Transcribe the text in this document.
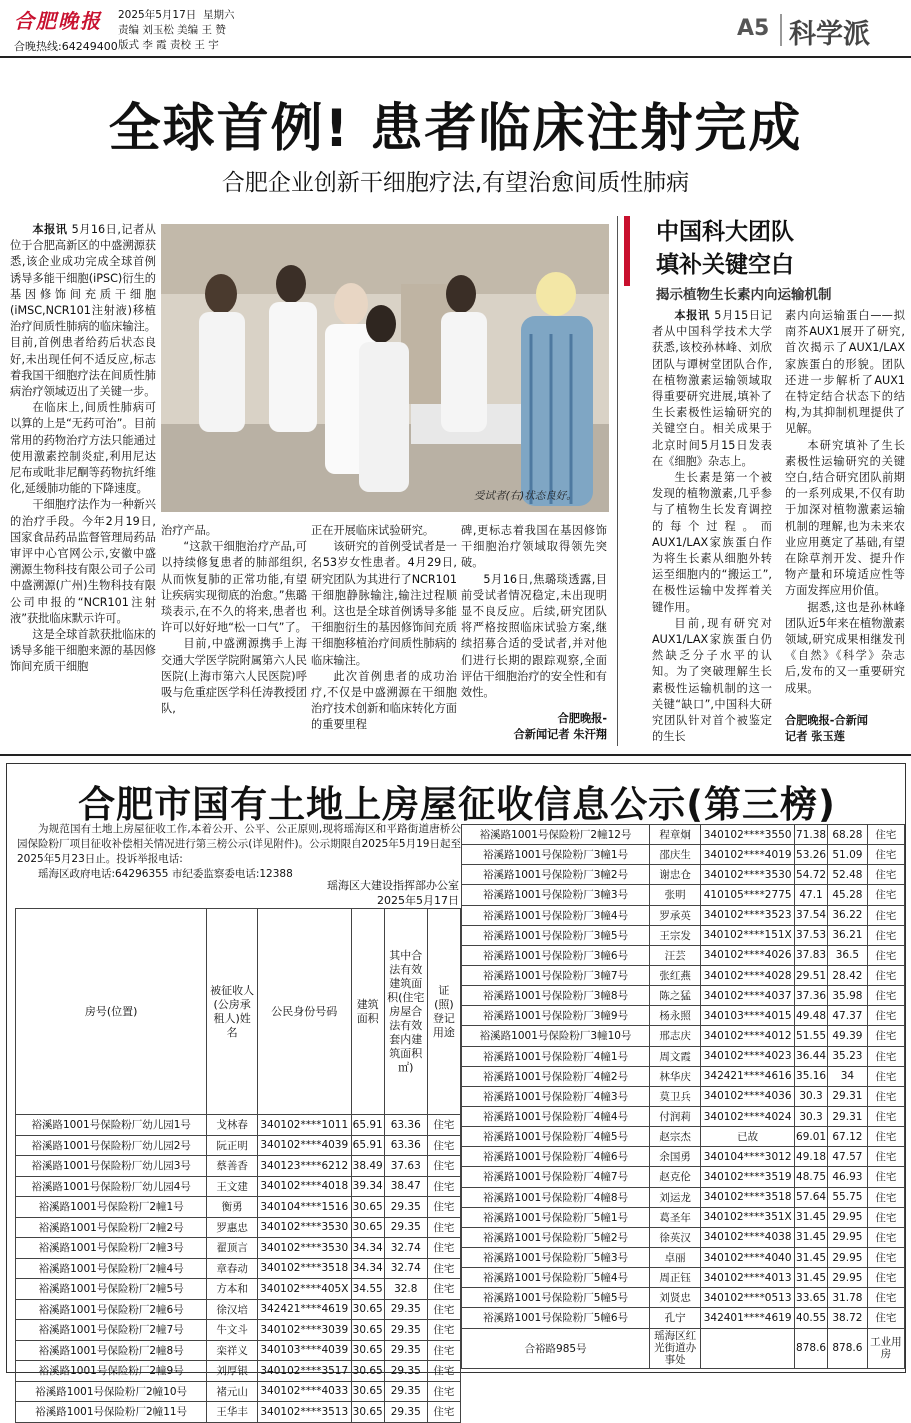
合肥晚报
合晚热线:64249400
2025年5月17日 星期六
责编 刘玉松 美编 王 赞
版式 李 霞 责校 王 宇
A5 科学派
全球首例! 患者临床注射完成
合肥企业创新干细胞疗法,有望治愈间质性肺病

本报讯 5月16日,记者从位于合肥高新区的中盛溯源获悉,该企业成功完成全球首例诱导多能干细胞(iPSC)衍生的基因修饰间充质干细胞(iMSC,NCR101注射液)移植治疗间质性肺病的临床输注。目前,首例患者给药后状态良好,未出现任何不适反应,标志着我国干细胞疗法在间质性肺病治疗领域迈出了关键一步。

在临床上,间质性肺病可以算的上是“无药可治”。目前常用的药物治疗方法只能通过使用激素控制炎症,利用尼达尼布或吡非尼酮等药物抗纤维化,延缓肺功能的下降速度。

干细胞疗法作为一种新兴的治疗手段。今年2月19日,国家食品药品监督管理局药品审评中心官网公示,安徽中盛溯源生物科技有限公司子公司中盛溯源(广州)生物科技有限公司申报的“NCR101注射液”获批临床默示许可。

这是全球首款获批临床的诱导多能干细胞来源的基因修饰间充质干细胞

受试者(右)状态良好。
治疗产品。

“这款干细胞治疗产品,可以持续修复患者的肺部组织,从而恢复肺的正常功能,有望让疾病实现彻底的治愈。”焦璐琰表示,在不久的将来,患者也许可以好好地“松一口气”了。

目前,中盛溯源携手上海交通大学医学院附属第六人民医院(上海市第六人民医院)呼吸与危重症医学科任涛教授团队,

正在开展临床试验研究。

该研究的首例受试者是一名53岁女性患者。4月29日,研究团队为其进行了NCR101干细胞静脉输注,输注过程顺利。这也是全球首例诱导多能干细胞衍生的基因修饰间充质干细胞移植治疗间质性肺病的临床输注。

此次首例患者的成功治疗,不仅是中盛溯源在干细胞治疗技术创新和临床转化方面的重要里程

碑,更标志着我国在基因修饰干细胞治疗领域取得领先突破。

5月16日,焦璐琰透露,目前受试者情况稳定,未出现明显不良反应。后续,研究团队将严格按照临床试验方案,继续招募合适的受试者,并对他们进行长期的跟踪观察,全面评估干细胞治疗的安全性和有效性。

合肥晚报-
合新闻记者 朱汗翔
中国科大团队
填补关键空白
揭示植物生长素内向运输机制

本报讯 5月15日记者从中国科学技术大学获悉,该校孙林峰、刘欣团队与谭树堂团队合作,在植物激素运输领域取得重要研究进展,填补了生长素极性运输研究的关键空白。相关成果于北京时间5月15日发表在《细胞》杂志上。

生长素是第一个被发现的植物激素,几乎参与了植物生长发育调控的每个过程。而AUX1/LAX家族蛋白作为将生长素从细胞外转运至细胞内的“搬运工”,在极性运输中发挥着关键作用。

目前,现有研究对AUX1/LAX家族蛋白仍然缺乏分子水平的认知。为了突破理解生长素极性运输机制的这一关键“缺口”,中国科大研究团队针对首个被鉴定的生长

素内向运输蛋白——拟南芥AUX1展开了研究,首次揭示了AUX1/LAX家族蛋白的形貌。团队还进一步解析了AUX1在特定结合状态下的结构,为其抑制机理提供了见解。

本研究填补了生长素极性运输研究的关键空白,结合研究团队前期的一系列成果,不仅有助于加深对植物激素运输机制的理解,也为未来农业应用奠定了基础,有望在除草剂开发、提升作物产量和环境适应性等方面发挥应用价值。

据悉,这也是孙林峰团队近5年来在植物激素领域,研究成果相继发刊《自然》《科学》杂志后,发布的又一重要研究成果。

合肥晚报-合新闻
记者 张玉莲
合肥市国有土地上房屋征收信息公示(第三榜)

为规范国有土地上房屋征收工作,本着公开、公平、公正原则,现将瑶海区和平路街道唐桥公园保险粉厂项目征收补偿相关情况进行第三榜公示(详见附件)。公示期限自2025年5月19日起至2025年5月23日止。投诉举报电话:

瑶海区政府电话:64296355 市纪委监察委电话:12388

瑶海区大建设指挥部办公室
2025年5月17日
房号(位置)	被征收人(公房承租人)姓名	公民身份号码	建筑面积	其中合法有效建筑面积(住宅房屋合法有效套内建筑面积㎡)	证(照)登记用途
裕溪路1001号保险粉厂幼儿园1号	戈林春	340102****1011	65.91	63.36	住宅
裕溪路1001号保险粉厂幼儿园2号	阮正明	340102****4039	65.91	63.36	住宅
裕溪路1001号保险粉厂幼儿园3号	蔡善香	340123****6212	38.49	37.63	住宅
裕溪路1001号保险粉厂幼儿园4号	王文建	340102****4018	39.34	38.47	住宅
裕溪路1001号保险粉厂2幢1号	衡勇	340104****1516	30.65	29.35	住宅
裕溪路1001号保险粉厂2幢2号	罗惠忠	340102****3530	30.65	29.35	住宅
裕溪路1001号保险粉厂2幢3号	翟顶言	340102****3530	34.34	32.74	住宅
裕溪路1001号保险粉厂2幢4号	章春动	340102****3518	34.34	32.74	住宅
裕溪路1001号保险粉厂2幢5号	方本和	340102****405X	34.55	32.8	住宅
裕溪路1001号保险粉厂2幢6号	徐汉培	342421****4619	30.65	29.35	住宅
裕溪路1001号保险粉厂2幢7号	牛文斗	340102****3039	30.65	29.35	住宅
裕溪路1001号保险粉厂2幢8号	栾祥义	340103****4039	30.65	29.35	住宅
裕溪路1001号保险粉厂2幢9号	刘厚银	340102****3517	30.65	29.35	住宅
裕溪路1001号保险粉厂2幢10号	褚元山	340102****4033	30.65	29.35	住宅
裕溪路1001号保险粉厂2幢11号	王华丰	340102****3513	30.65	29.35	住宅
裕溪路1001号保险粉厂2幢12号	程章炯	340102****3550	71.38	68.28	住宅
裕溪路1001号保险粉厂3幢1号	邵庆生	340102****4019	53.26	51.09	住宅
裕溪路1001号保险粉厂3幢2号	谢忠仓	340102****3530	54.72	52.48	住宅
裕溪路1001号保险粉厂3幢3号	张明	410105****2775	47.1	45.28	住宅
裕溪路1001号保险粉厂3幢4号	罗承英	340102****3523	37.54	36.22	住宅
裕溪路1001号保险粉厂3幢5号	王宗发	340102****151X	37.53	36.21	住宅
裕溪路1001号保险粉厂3幢6号	汪芸	340102****4026	37.83	36.5	住宅
裕溪路1001号保险粉厂3幢7号	张红燕	340102****4028	29.51	28.42	住宅
裕溪路1001号保险粉厂3幢8号	陈之猛	340102****4037	37.36	35.98	住宅
裕溪路1001号保险粉厂3幢9号	杨永照	340103****4015	49.48	47.37	住宅
裕溪路1001号保险粉厂3幢10号	邢志庆	340102****4012	51.55	49.39	住宅
裕溪路1001号保险粉厂4幢1号	周文霞	340102****4023	36.44	35.23	住宅
裕溪路1001号保险粉厂4幢2号	林华庆	342421****4616	35.16	34	住宅
裕溪路1001号保险粉厂4幢3号	莫卫兵	340102****4036	30.3	29.31	住宅
裕溪路1001号保险粉厂4幢4号	付润莉	340102****4024	30.3	29.31	住宅
裕溪路1001号保险粉厂4幢5号	赵宗杰	已故	69.01	67.12	住宅
裕溪路1001号保险粉厂4幢6号	余国勇	340104****3012	49.18	47.57	住宅
裕溪路1001号保险粉厂4幢7号	赵克伦	340102****3519	48.75	46.93	住宅
裕溪路1001号保险粉厂4幢8号	刘运龙	340102****3518	57.64	55.75	住宅
裕溪路1001号保险粉厂5幢1号	葛圣年	340102****351X	31.45	29.95	住宅
裕溪路1001号保险粉厂5幢2号	徐英汉	340102****4038	31.45	29.95	住宅
裕溪路1001号保险粉厂5幢3号	卓丽	340102****4040	31.45	29.95	住宅
裕溪路1001号保险粉厂5幢4号	周正钰	340102****4013	31.45	29.95	住宅
裕溪路1001号保险粉厂5幢5号	刘贤忠	340102****0513	33.65	31.78	住宅
裕溪路1001号保险粉厂5幢6号	孔宁	342401****4619	40.55	38.72	住宅
合裕路985号	瑶海区红光街道办事处		878.6	878.6	工业用房
